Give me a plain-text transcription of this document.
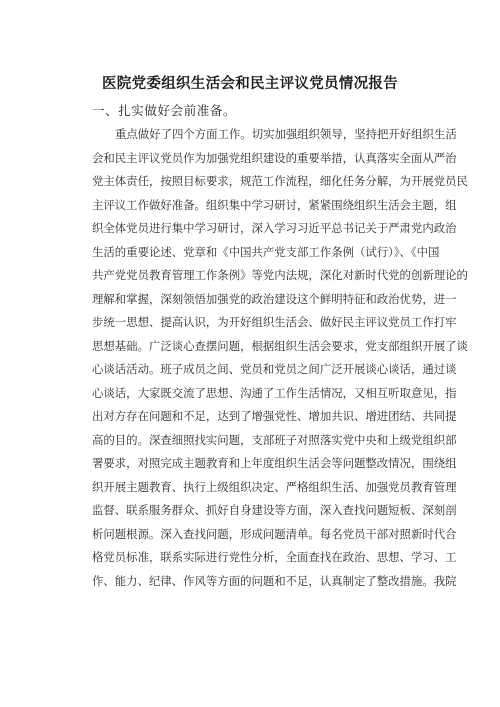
医院党委组织生活会和民主评议党员情况报告
一、扎实做好会前准备。
重点做好了四个方面工作。切实加强组织领导，坚持把开好组织生活
会和民主评议党员作为加强党组织建设的重要举措，认真落实全面从严治
党主体责任，按照目标要求，规范工作流程，细化任务分解，为开展党员民
主评议工作做好准备。组织集中学习研讨，紧紧围绕组织生活会主题，组
织全体党员进行集中学习研讨，深入学习习近平总书记关于严肃党内政治
生活的重要论述、党章和《中国共产党支部工作条例（试行）》、《中国
共产党党员教育管理工作条例》等党内法规，深化对新时代党的创新理论的
理解和掌握，深刻领悟加强党的政治建设这个鲜明特征和政治优势，进一
步统一思想、提高认识，为开好组织生活会、做好民主评议党员工作打牢
思想基础。广泛谈心查摆问题，根据组织生活会要求，党支部组织开展了谈
心谈话活动。班子成员之间、党员和党员之间广泛开展谈心谈话，通过谈
心谈话，大家既交流了思想、沟通了工作生活情况，又相互听取意见，指
出对方存在问题和不足，达到了增强党性、增加共识、增进团结、共同提
高的目的。深查细照找实问题，支部班子对照落实党中央和上级党组织部
署要求，对照完成主题教育和上年度组织生活会等问题整改情况，围绕组
织开展主题教育、执行上级组织决定、严格组织生活、加强党员教育管理
监督、联系服务群众、抓好自身建设等方面，深入查找问题短板、深刻剖
析问题根源。深入查找问题，形成问题清单。每名党员干部对照新时代合
格党员标准，联系实际进行党性分析，全面查找在政治、思想、学习、工
作、能力、纪律、作风等方面的问题和不足，认真制定了整改措施。我院
